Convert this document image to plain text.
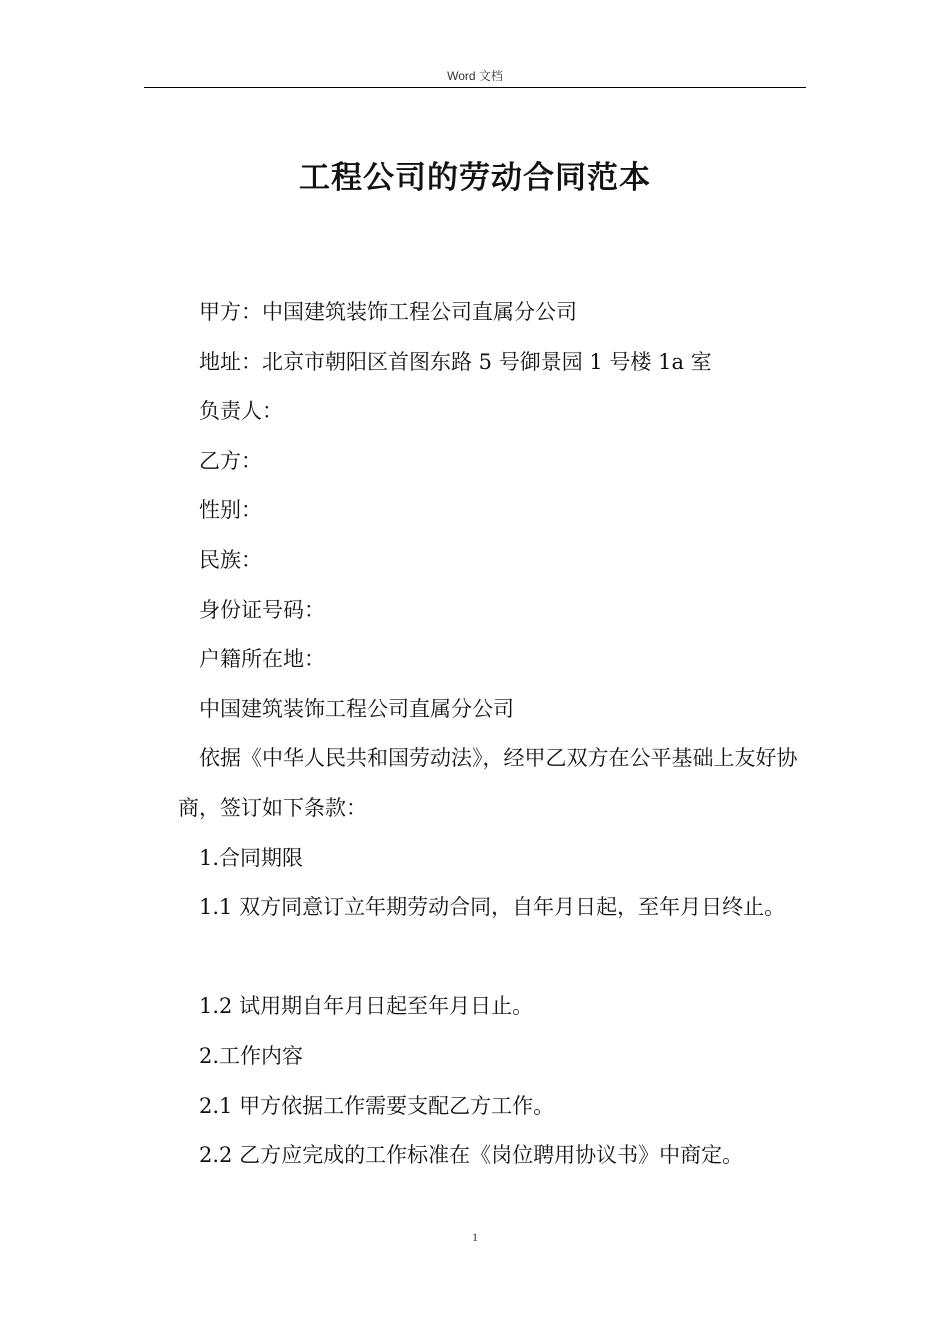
Word 文档
工程公司的劳动合同范本

甲方：中国建筑装饰工程公司直属分公司

地址：北京市朝阳区首图东路 5 号御景园 1 号楼 1a 室

负责人：

乙方：

性别：

民族：

身份证号码：

户籍所在地：

中国建筑装饰工程公司直属分公司

依据《中华人民共和国劳动法》，经甲乙双方在公平基础上友好协商，签订如下条款：

1.合同期限

1.1 双方同意订立年期劳动合同，自年月日起，至年月日终止。

1.2 试用期自年月日起至年月日止。

2.工作内容

2.1 甲方依据工作需要支配乙方工作。

2.2 乙方应完成的工作标准在《岗位聘用协议书》中商定。

1
